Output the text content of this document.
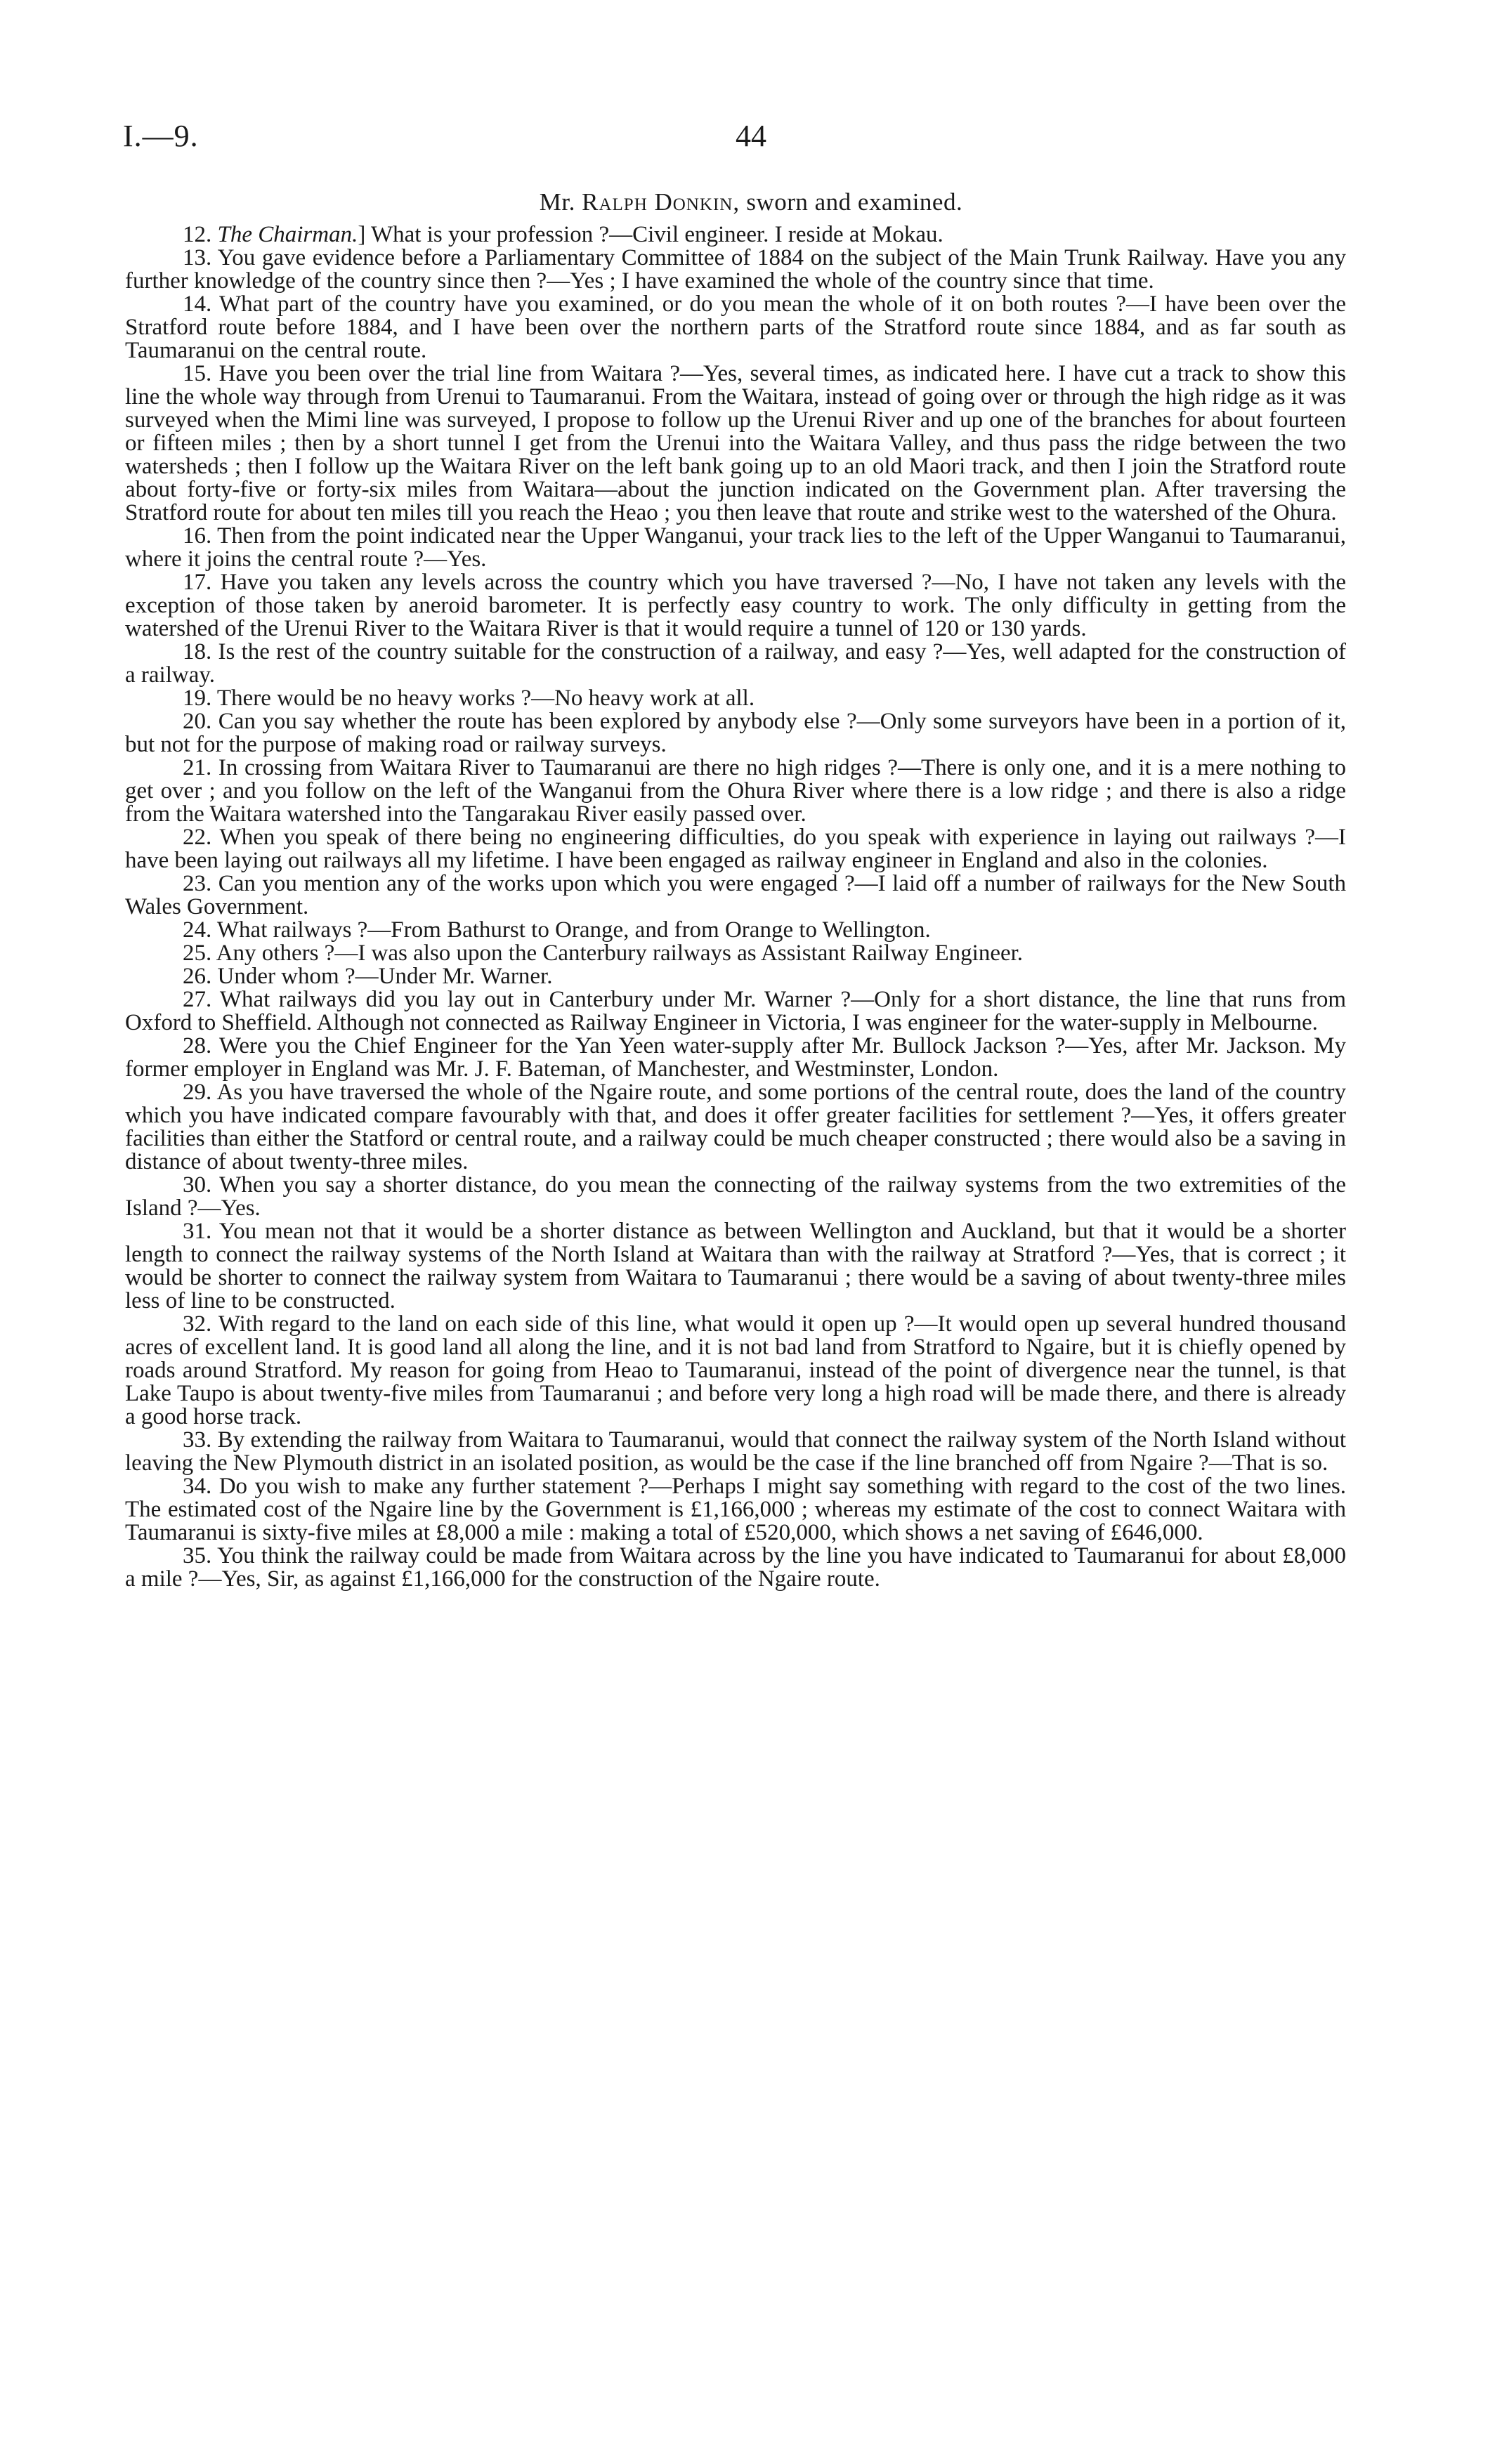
I.—9.	44
Mr. Ralph Donkin, sworn and examined.

12. The Chairman.] What is your profession ?—Civil engineer. I reside at Mokau.

13. You gave evidence before a Parliamentary Committee of 1884 on the subject of the Main Trunk Railway. Have you any further knowledge of the country since then ?—Yes ; I have examined the whole of the country since that time.

14. What part of the country have you examined, or do you mean the whole of it on both routes ?—I have been over the Stratford route before 1884, and I have been over the northern parts of the Stratford route since 1884, and as far south as Taumaranui on the central route.

15. Have you been over the trial line from Waitara ?—Yes, several times, as indicated here. I have cut a track to show this line the whole way through from Urenui to Taumaranui. From the Waitara, instead of going over or through the high ridge as it was surveyed when the Mimi line was surveyed, I propose to follow up the Urenui River and up one of the branches for about fourteen or fifteen miles ; then by a short tunnel I get from the Urenui into the Waitara Valley, and thus pass the ridge between the two watersheds ; then I follow up the Waitara River on the left bank going up to an old Maori track, and then I join the Stratford route about forty-five or forty-six miles from Waitara—about the junction indicated on the Government plan. After traversing the Stratford route for about ten miles till you reach the Heao ; you then leave that route and strike west to the watershed of the Ohura.

16. Then from the point indicated near the Upper Wanganui, your track lies to the left of the Upper Wanganui to Taumaranui, where it joins the central route ?—Yes.

17. Have you taken any levels across the country which you have traversed ?—No, I have not taken any levels with the exception of those taken by aneroid barometer. It is perfectly easy country to work. The only difficulty in getting from the watershed of the Urenui River to the Waitara River is that it would require a tunnel of 120 or 130 yards.

18. Is the rest of the country suitable for the construction of a railway, and easy ?—Yes, well adapted for the construction of a railway.

19. There would be no heavy works ?—No heavy work at all.

20. Can you say whether the route has been explored by anybody else ?—Only some surveyors have been in a portion of it, but not for the purpose of making road or railway surveys.

21. In crossing from Waitara River to Taumaranui are there no high ridges ?—There is only one, and it is a mere nothing to get over ; and you follow on the left of the Wanganui from the Ohura River where there is a low ridge ; and there is also a ridge from the Waitara watershed into the Tangarakau River easily passed over.

22. When you speak of there being no engineering difficulties, do you speak with experience in laying out railways ?—I have been laying out railways all my lifetime. I have been engaged as railway engineer in England and also in the colonies.

23. Can you mention any of the works upon which you were engaged ?—I laid off a number of railways for the New South Wales Government.

24. What railways ?—From Bathurst to Orange, and from Orange to Wellington.

25. Any others ?—I was also upon the Canterbury railways as Assistant Railway Engineer.

26. Under whom ?—Under Mr. Warner.

27. What railways did you lay out in Canterbury under Mr. Warner ?—Only for a short distance, the line that runs from Oxford to Sheffield. Although not connected as Railway Engineer in Victoria, I was engineer for the water-supply in Melbourne.

28. Were you the Chief Engineer for the Yan Yeen water-supply after Mr. Bullock Jackson ?—Yes, after Mr. Jackson. My former employer in England was Mr. J. F. Bateman, of Manchester, and Westminster, London.

29. As you have traversed the whole of the Ngaire route, and some portions of the central route, does the land of the country which you have indicated compare favourably with that, and does it offer greater facilities for settlement ?—Yes, it offers greater facilities than either the Statford or central route, and a railway could be much cheaper constructed ; there would also be a saving in distance of about twenty-three miles.

30. When you say a shorter distance, do you mean the connecting of the railway systems from the two extremities of the Island ?—Yes.

31. You mean not that it would be a shorter distance as between Wellington and Auckland, but that it would be a shorter length to connect the railway systems of the North Island at Waitara than with the railway at Stratford ?—Yes, that is correct ; it would be shorter to connect the railway system from Waitara to Taumaranui ; there would be a saving of about twenty-three miles less of line to be constructed.

32. With regard to the land on each side of this line, what would it open up ?—It would open up several hundred thousand acres of excellent land. It is good land all along the line, and it is not bad land from Stratford to Ngaire, but it is chiefly opened by roads around Stratford. My reason for going from Heao to Taumaranui, instead of the point of divergence near the tunnel, is that Lake Taupo is about twenty-five miles from Taumaranui ; and before very long a high road will be made there, and there is already a good horse track.

33. By extending the railway from Waitara to Taumaranui, would that connect the railway system of the North Island without leaving the New Plymouth district in an isolated position, as would be the case if the line branched off from Ngaire ?—That is so.

34. Do you wish to make any further statement ?—Perhaps I might say something with regard to the cost of the two lines. The estimated cost of the Ngaire line by the Government is £1,166,000 ; whereas my estimate of the cost to connect Waitara with Taumaranui is sixty-five miles at £8,000 a mile : making a total of £520,000, which shows a net saving of £646,000.

35. You think the railway could be made from Waitara across by the line you have indicated to Taumaranui for about £8,000 a mile ?—Yes, Sir, as against £1,166,000 for the construction of the Ngaire route.
